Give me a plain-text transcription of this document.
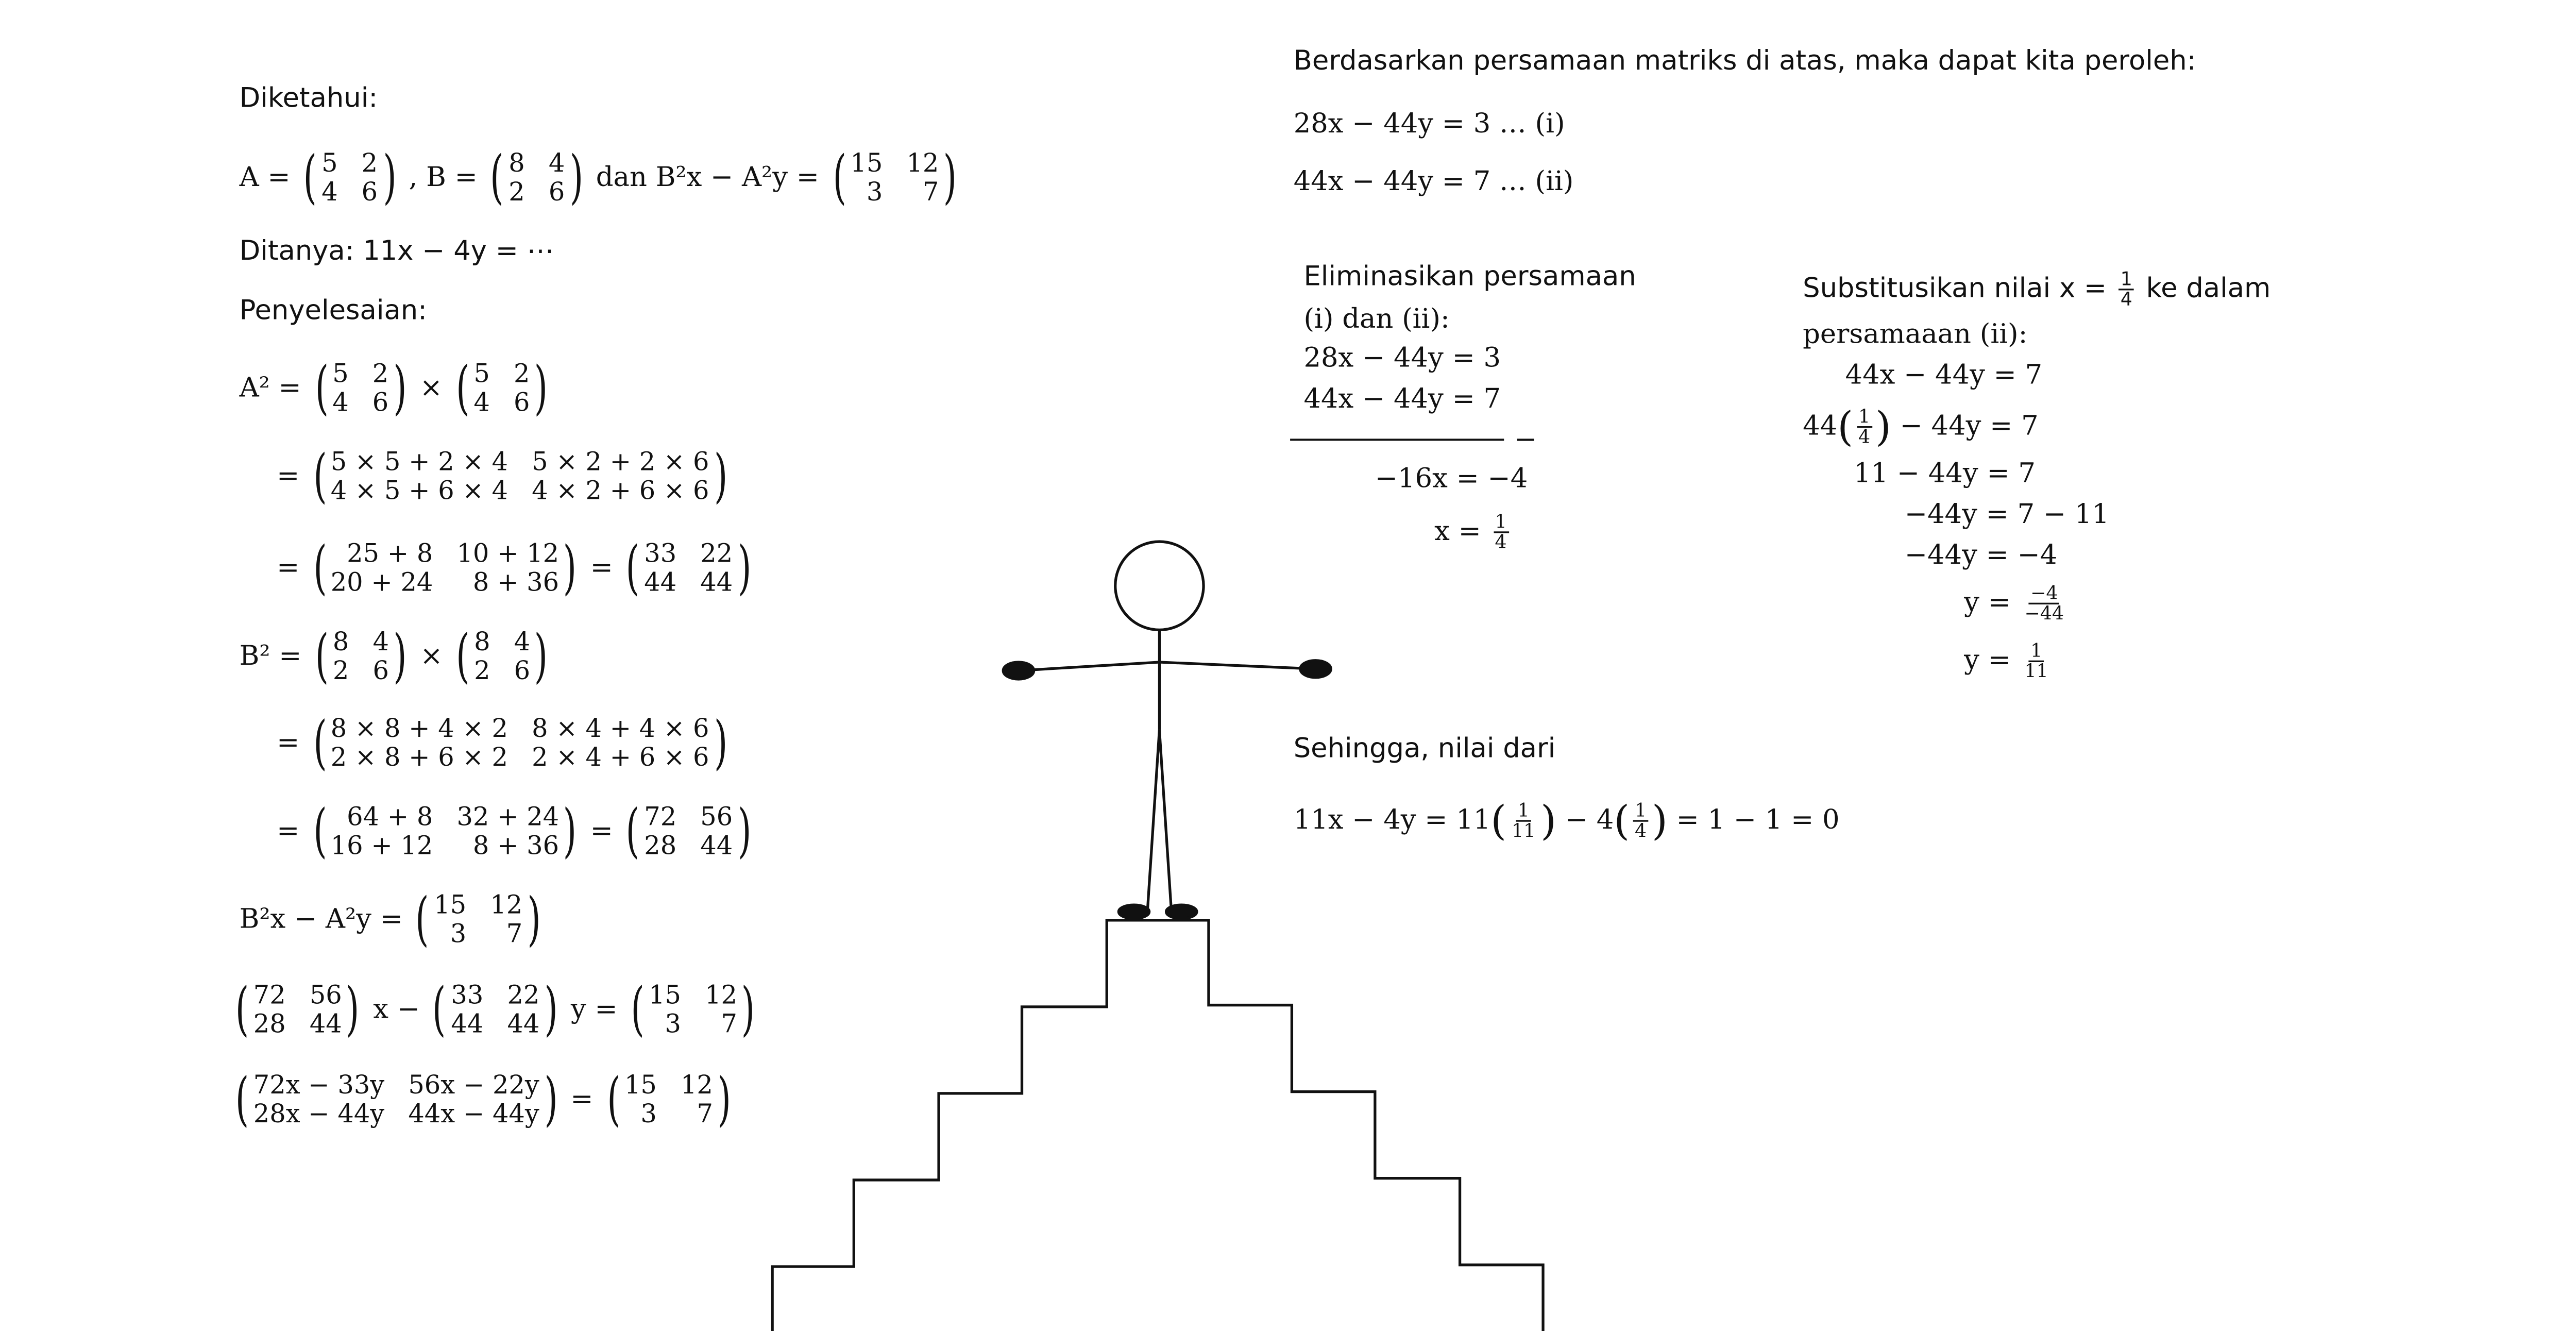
Diketahui:
A = ( 5	2
4	6 ) , B = ( 8	4
2	6 ) dan B²x − A²y = ( 15	12
3	7 )
Ditanya: 11x − 4y = ⋯
Penyelesaian:
A² = ( 5	2
4	6 ) × ( 5	2
4	6 )
= ( 5 × 5 + 2 × 4	5 × 2 + 2 × 6
4 × 5 + 6 × 4	4 × 2 + 6 × 6 )
= (	25 + 8	10 + 12
20 + 24	8 + 36 ) = ( 33	22
44	44 )
B² = ( 8	4
2	6 ) × ( 8	4
2	6 )
= ( 8 × 8 + 4 × 2	8 × 4 + 4 × 6
2 × 8 + 6 × 2	2 × 4 + 6 × 6 )
= (	64 + 8	32 + 24
16 + 12	8 + 36 ) = ( 72	56
28	44 )
B²x − A²y = ( 15	12
3	7 )
( 72	56
28	44 ) x − ( 33	22
44	44 ) y = ( 15	12
3	7 )
( 72x − 33y	56x − 22y
28x − 44y	44x − 44y ) = ( 15	12
3	7 )
Berdasarkan persamaan matriks di atas, maka dapat kita peroleh:
28x − 44y = 3 … (i)
44x − 44y = 7 … (ii)
Eliminasikan persamaan
(i) dan (ii):
28x − 44y = 3
44x − 44y = 7
−
−16x = −4
$x = \frac{1}{4}$
Substitusikan nilai $x = \frac{1}{4}$ ke dalam
persamaaan (ii):
44x − 44y = 7
$44( \frac{1}{4}$ ) − 44y = 7
11 − 44y = 7
−44y = 7 − 11
−44y = −4
$y = \frac{-4}{-44}$
$y = \frac{1}{11}$
Sehingga, nilai dari
$11x - 4y = 11( \frac{1}{11}$ ) − $4( \frac{1}{4}$ ) = 1 − 1 = 0
